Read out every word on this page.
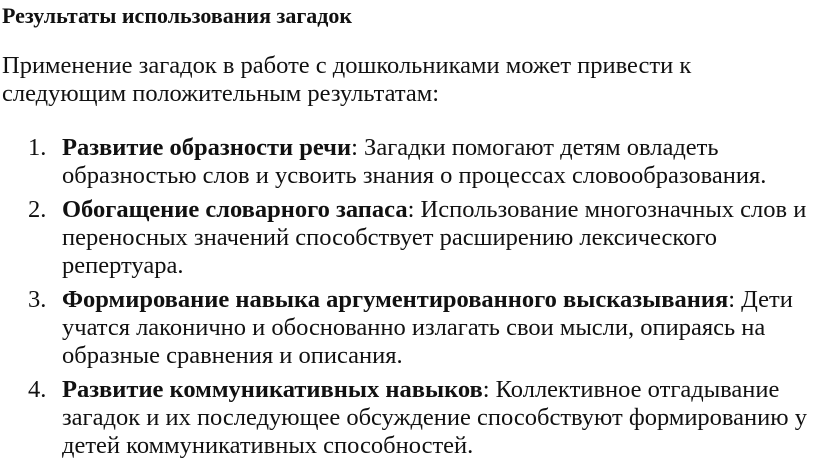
Результаты использования загадок

Применение загадок в работе с дошкольниками может привести к следующим положительным результатам:

1. Развитие образности речи: Загадки помогают детям овладеть образностью слов и усвоить знания о процессах словообразования.
2. Обогащение словарного запаса: Использование многозначных слов и переносных значений способствует расширению лексического репертуара.
3. Формирование навыка аргументированного высказывания: Дети учатся лаконично и обоснованно излагать свои мысли, опираясь на образные сравнения и описания.
4. Развитие коммуникативных навыков: Коллективное отгадывание загадок и их последующее обсуждение способствуют формированию у детей коммуникативных способностей.
